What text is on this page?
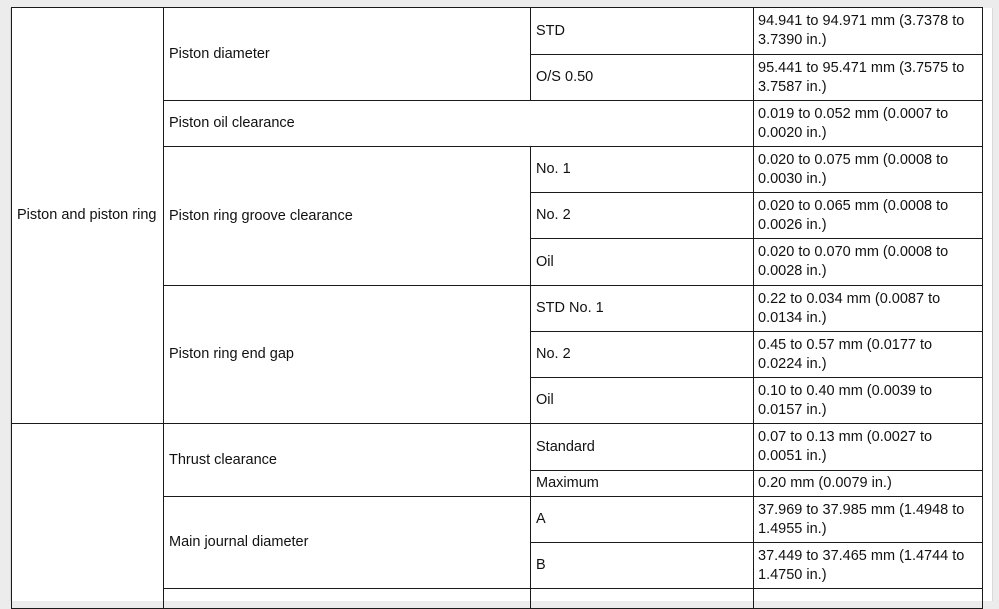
Piston and piston ring	Piston diameter	STD	94.941 to 94.971 mm (3.7378 to 3.7390 in.)
		O/S 0.50	95.441 to 95.471 mm (3.7575 to 3.7587 in.)
	Piston oil clearance		0.019 to 0.052 mm (0.0007 to 0.0020 in.)
	Piston ring groove clearance	No. 1	0.020 to 0.075 mm (0.0008 to 0.0030 in.)
		No. 2	0.020 to 0.065 mm (0.0008 to 0.0026 in.)
		Oil	0.020 to 0.070 mm (0.0008 to 0.0028 in.)
	Piston ring end gap	STD No. 1	0.22 to 0.034 mm (0.0087 to 0.0134 in.)
		No. 2	0.45 to 0.57 mm (0.0177 to 0.0224 in.)
		Oil	0.10 to 0.40 mm (0.0039 to 0.0157 in.)
	Thrust clearance	Standard	0.07 to 0.13 mm (0.0027 to 0.0051 in.)
		Maximum	0.20 mm (0.0079 in.)
	Main journal diameter	A	37.969 to 37.985 mm (1.4948 to 1.4955 in.)
		B	37.449 to 37.465 mm (1.4744 to 1.4750 in.)
